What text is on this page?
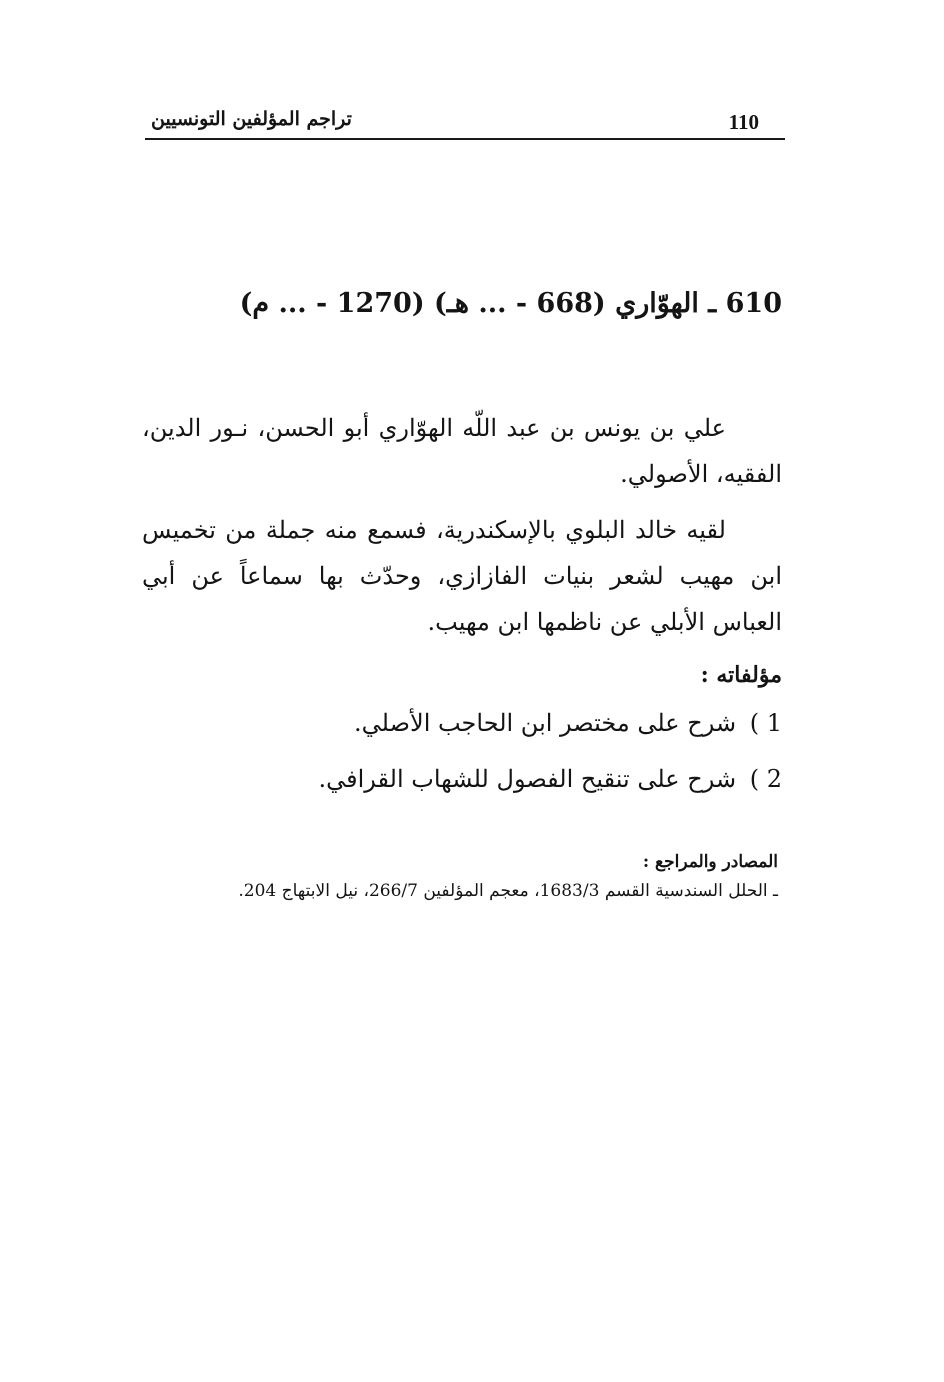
110
تراجم المؤلفين التونسيين
610 ـ الهوّاري (668 - ... هـ) (1270 - ... م)

علي بن يونس بن عبد اللّه الهوّاري أبو الحسن، نـور الدين، الفقيه، الأصولي.

لقيه خالد البلوي بالإسكندرية، فسمع منه جملة من تخميس ابن مهيب لشعر بنيات الفازازي، وحدّث بها سماعاً عن أبي العباس الأبلي عن ناظمها ابن مهيب.

مؤلفاته :
1 ) شرح على مختصر ابن الحاجب الأصلي.
2 ) شرح على تنقيح الفصول للشهاب القرافي.
المصادر والمراجع :
ـ الحلل السندسية القسم 1683/3، معجم المؤلفين 266/7، نيل الابتهاج 204.
